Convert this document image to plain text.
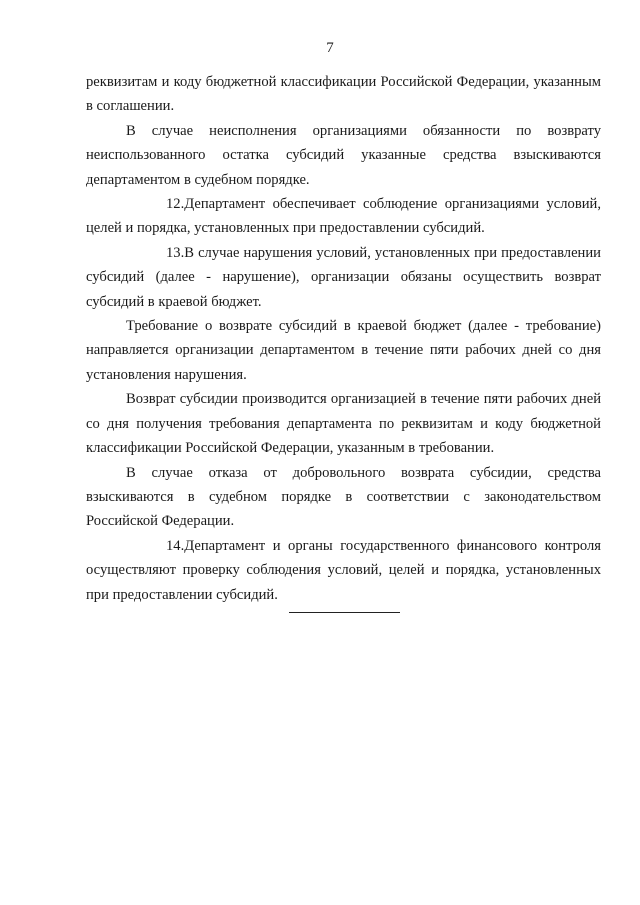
7

реквизитам и коду бюджетной классификации Российской Федерации, указанным в соглашении.

В случае неисполнения организациями обязанности по возврату неиспользованного остатка субсидий указанные средства взыскиваются департаментом в судебном порядке.

12.Департамент обеспечивает соблюдение организациями условий, целей и порядка, установленных при предоставлении субсидий.

13.В случае нарушения условий, установленных при предоставлении субсидий (далее - нарушение), организации обязаны осуществить возврат субсидий в краевой бюджет.

Требование о возврате субсидий в краевой бюджет (далее - требование) направляется организации департаментом в течение пяти рабочих дней со дня установления нарушения.

Возврат субсидии производится организацией в течение пяти рабочих дней со дня получения требования департамента по реквизитам и коду бюджетной классификации Российской Федерации, указанным в требовании.

В случае отказа от добровольного возврата субсидии, средства взыскиваются в судебном порядке в соответствии с законодательством Российской Федерации.

14.Департамент и органы государственного финансового контроля осуществляют проверку соблюдения условий, целей и порядка, установленных при предоставлении субсидий.
